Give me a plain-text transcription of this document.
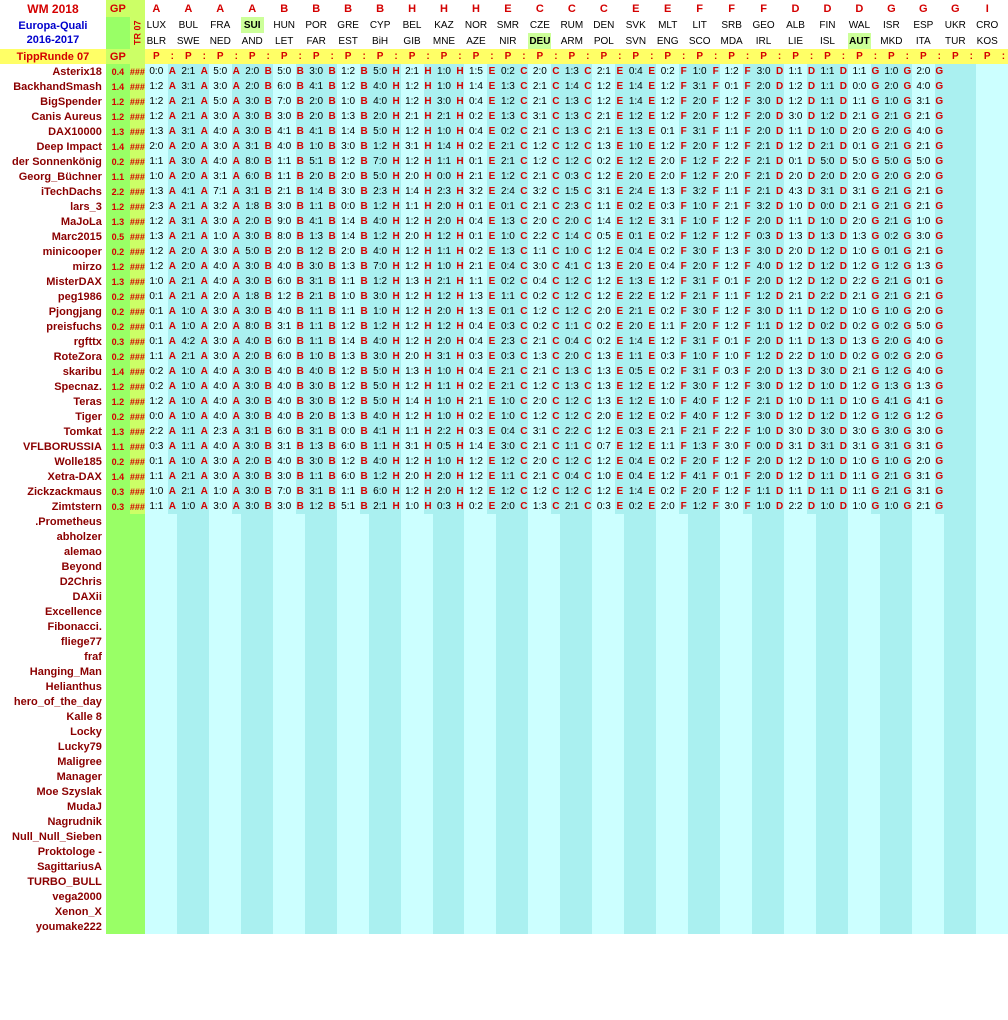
WM 2018	GP		A		A		A		A		B		B		B		B		H		H		H		E		C		C		C		E		E		F		F		F		D		D		D		G		G		G		I	

Europa-Quali
2016-2017		TR 07	LUX		BUL		FRA		SUI		HUN		POR		GRE		CYP		BEL		KAZ		NOR		SMR		CZE		RUM		DEN		SVK		MLT		LIT		SRB		GEO		ALB		FIN		WAL		ISR		ESP		UKR		CRO	
			BLR		SWE		NED		AND		LET		FAR		EST		BiH		GIB		MNE		AZE		NIR		DEU		ARM		POL		SVN		ENG		SCO		MDA		IRL		LIE		ISL		AUT		MKD		ITA		TUR		KOS	
TippRunde 07	GP		P	:	P	:	P	:	P	:	P	:	P	:	P	:	P	:	P	:	P	:	P	:	P	:	P	:	P	:	P	:	P	:	P	:	P	:	P	:	P	:	P	:	P	:	P	:	P	:	P	:	P	:	P	:
Asterix18	0.4	###	0:0	A	2:1	A	5:0	A	2:0	B	5:0	B	3:0	B	1:2	B	5:0	H	2:1	H	1:0	H	1:5	E	0:2	C	2:0	C	1:3	C	2:1	E	0:4	E	0:2	F	1:0	F	1:2	F	3:0	D	1:1	D	1:1	D	1:1	G	1:0	G	2:0	G				
BackhandSmash	1.4	###	1:2	A	3:1	A	3:0	A	2:0	B	6:0	B	4:1	B	1:2	B	4:0	H	1:2	H	1:0	H	1:4	E	1:3	C	2:1	C	1:4	C	1:2	E	1:4	E	1:2	F	3:1	F	0:1	F	2:0	D	1:2	D	1:1	D	0:0	G	2:0	G	4:0	G				
BigSpender	1.2	###	1:2	A	2:1	A	5:0	A	3:0	B	7:0	B	2:0	B	1:0	B	4:0	H	1:2	H	3:0	H	0:4	E	1:2	C	2:1	C	1:3	C	1:2	E	1:4	E	1:2	F	2:0	F	1:2	F	3:0	D	1:2	D	1:1	D	1:1	G	1:0	G	3:1	G				
Canis Aureus	1.2	###	1:2	A	2:1	A	3:0	A	3:0	B	3:0	B	2:0	B	1:3	B	2:0	H	2:1	H	2:1	H	0:2	E	1:3	C	3:1	C	1:3	C	2:1	E	1:2	E	1:2	F	2:0	F	1:2	F	2:0	D	3:0	D	1:2	D	2:1	G	2:1	G	2:1	G				
DAX10000	1.3	###	1:3	A	3:1	A	4:0	A	3:0	B	4:1	B	4:1	B	1:4	B	5:0	H	1:2	H	1:0	H	0:4	E	0:2	C	2:1	C	1:3	C	2:1	E	1:3	E	0:1	F	3:1	F	1:1	F	2:0	D	1:1	D	1:0	D	2:0	G	2:0	G	4:0	G				
Deep Impact	1.4	###	2:0	A	2:0	A	3:0	A	3:1	B	4:0	B	1:0	B	3:0	B	1:2	H	3:1	H	1:4	H	0:2	E	2:1	C	1:2	C	1:2	C	1:3	E	1:0	E	1:2	F	2:0	F	1:2	F	2:1	D	1:2	D	2:1	D	0:1	G	2:1	G	2:1	G				
der Sonnenkönig	0.2	###	1:1	A	3:0	A	4:0	A	8:0	B	1:1	B	5:1	B	1:2	B	7:0	H	1:2	H	1:1	H	0:1	E	2:1	C	1:2	C	1:2	C	0:2	E	1:2	E	2:0	F	1:2	F	2:2	F	2:1	D	0:1	D	5:0	D	5:0	G	5:0	G	5:0	G				
Georg_Büchner	1.1	###	1:0	A	2:0	A	3:1	A	6:0	B	1:1	B	2:0	B	2:0	B	5:0	H	2:0	H	0:0	H	2:1	E	1:2	C	2:1	C	0:3	C	1:2	E	2:0	E	2:0	F	1:2	F	2:0	F	2:1	D	2:0	D	2:0	D	2:0	G	2:0	G	2:0	G				
iTechDachs	2.2	###	1:3	A	4:1	A	7:1	A	3:1	B	2:1	B	1:4	B	3:0	B	2:3	H	1:4	H	2:3	H	3:2	E	2:4	C	3:2	C	1:5	C	3:1	E	2:4	E	1:3	F	3:2	F	1:1	F	2:1	D	4:3	D	3:1	D	3:1	G	2:1	G	2:1	G				
lars_3	1.2	###	2:3	A	2:1	A	3:2	A	1:8	B	3:0	B	1:1	B	0:0	B	1:2	H	1:1	H	2:0	H	0:1	E	0:1	C	2:1	C	2:3	C	1:1	E	0:2	E	0:3	F	1:0	F	2:1	F	3:2	D	1:0	D	0:0	D	2:1	G	2:1	G	2:1	G				
MaJoLa	1.3	###	1:2	A	3:1	A	3:0	A	2:0	B	9:0	B	4:1	B	1:4	B	4:0	H	1:2	H	2:0	H	0:4	E	1:3	C	2:0	C	2:0	C	1:4	E	1:2	E	3:1	F	1:0	F	1:2	F	2:0	D	1:1	D	1:0	D	2:0	G	2:1	G	1:0	G				
Marc2015	0.5	###	1:3	A	2:1	A	1:0	A	3:0	B	8:0	B	1:3	B	1:4	B	1:2	H	2:0	H	1:2	H	0:1	E	1:0	C	2:2	C	1:4	C	0:5	E	0:1	E	0:2	F	1:2	F	1:2	F	0:3	D	1:3	D	1:3	D	1:3	G	0:2	G	3:0	G				
minicooper	0.2	###	1:2	A	2:0	A	3:0	A	5:0	B	2:0	B	1:2	B	2:0	B	4:0	H	1:2	H	1:1	H	0:2	E	1:3	C	1:1	C	1:0	C	1:2	E	0:4	E	0:2	F	3:0	F	1:3	F	3:0	D	2:0	D	1:2	D	1:0	G	0:1	G	2:1	G				
mirzo	1.2	###	1:2	A	2:0	A	4:0	A	3:0	B	4:0	B	3:0	B	1:3	B	7:0	H	1:2	H	1:0	H	2:1	E	0:4	C	3:0	C	4:1	C	1:3	E	2:0	E	0:4	F	2:0	F	1:2	F	4:0	D	1:2	D	1:2	D	1:2	G	1:2	G	1:3	G				
MisterDAX	1.3	###	1:0	A	2:1	A	4:0	A	3:0	B	6:0	B	3:1	B	1:1	B	1:2	H	1:3	H	2:1	H	1:1	E	0:2	C	0:4	C	1:2	C	1:2	E	1:3	E	1:2	F	3:1	F	0:1	F	2:0	D	1:2	D	1:2	D	2:2	G	2:1	G	0:1	G				
peg1986	0.2	###	0:1	A	2:1	A	2:0	A	1:8	B	1:2	B	2:1	B	1:0	B	3:0	H	1:2	H	1:2	H	1:3	E	1:1	C	0:2	C	1:2	C	1:2	E	2:2	E	1:2	F	2:1	F	1:1	F	1:2	D	2:1	D	2:2	D	2:1	G	2:1	G	2:1	G				
Pjongjang	0.2	###	0:1	A	1:0	A	3:0	A	3:0	B	4:0	B	1:1	B	1:1	B	1:0	H	1:2	H	2:0	H	1:3	E	0:1	C	1:2	C	1:2	C	2:0	E	2:1	E	0:2	F	3:0	F	1:2	F	3:0	D	1:1	D	1:2	D	1:0	G	1:0	G	2:0	G				
preisfuchs	0.2	###	0:1	A	1:0	A	2:0	A	8:0	B	3:1	B	1:1	B	1:2	B	1:2	H	1:2	H	1:2	H	0:4	E	0:3	C	0:2	C	1:1	C	0:2	E	2:0	E	1:1	F	2:0	F	1:2	F	1:1	D	1:2	D	0:2	D	0:2	G	0:2	G	5:0	G				
rgfttx	0.3	###	0:1	A	4:2	A	3:0	A	4:0	B	6:0	B	1:1	B	1:4	B	4:0	H	1:2	H	2:0	H	0:4	E	2:3	C	2:1	C	0:4	C	0:2	E	1:4	E	1:2	F	3:1	F	0:1	F	2:0	D	1:1	D	1:3	D	1:3	G	2:0	G	4:0	G				
RoteZora	0.2	###	1:1	A	2:1	A	3:0	A	2:0	B	6:0	B	1:0	B	1:3	B	3:0	H	2:0	H	3:1	H	0:3	E	0:3	C	1:3	C	2:0	C	1:3	E	1:1	E	0:3	F	1:0	F	1:0	F	1:2	D	2:2	D	1:0	D	0:2	G	0:2	G	2:0	G				
skaribu	1.4	###	0:2	A	1:0	A	4:0	A	3:0	B	4:0	B	4:0	B	1:2	B	5:0	H	1:3	H	1:0	H	0:4	E	2:1	C	2:1	C	1:3	C	1:3	E	0:5	E	0:2	F	3:1	F	0:3	F	2:0	D	1:3	D	3:0	D	2:1	G	1:2	G	4:0	G				
Specnaz.	1.2	###	0:2	A	1:0	A	4:0	A	3:0	B	4:0	B	3:0	B	1:2	B	5:0	H	1:2	H	1:1	H	0:2	E	2:1	C	1:2	C	1:3	C	1:3	E	1:2	E	1:2	F	3:0	F	1:2	F	3:0	D	1:2	D	1:0	D	1:2	G	1:3	G	1:3	G				
Teras	1.2	###	1:2	A	1:0	A	4:0	A	3:0	B	4:0	B	3:0	B	1:2	B	5:0	H	1:4	H	1:0	H	2:1	E	1:0	C	2:0	C	1:2	C	1:3	E	1:2	E	1:0	F	4:0	F	1:2	F	2:1	D	1:0	D	1:1	D	1:0	G	4:1	G	4:1	G				
Tiger	0.2	###	0:0	A	1:0	A	4:0	A	3:0	B	4:0	B	2:0	B	1:3	B	4:0	H	1:2	H	1:0	H	0:2	E	1:0	C	1:2	C	1:2	C	2:0	E	1:2	E	0:2	F	4:0	F	1:2	F	3:0	D	1:2	D	1:2	D	1:2	G	1:2	G	1:2	G				
Tomkat	1.3	###	2:2	A	1:1	A	2:3	A	3:1	B	6:0	B	3:1	B	0:0	B	4:1	H	1:1	H	2:2	H	0:3	E	0:4	C	3:1	C	2:2	C	1:2	E	0:3	E	2:1	F	2:1	F	2:2	F	1:0	D	3:0	D	3:0	D	3:0	G	3:0	G	3:0	G				
VFLBORUSSIA	1.1	###	0:3	A	1:1	A	4:0	A	3:0	B	3:1	B	1:3	B	6:0	B	1:1	H	3:1	H	0:5	H	1:4	E	3:0	C	2:1	C	1:1	C	0:7	E	1:2	E	1:1	F	1:3	F	3:0	F	0:0	D	3:1	D	3:1	D	3:1	G	3:1	G	3:1	G				
Wolle185	0.2	###	0:1	A	1:0	A	3:0	A	2:0	B	4:0	B	3:0	B	1:2	B	4:0	H	1:2	H	1:0	H	1:2	E	1:2	C	2:0	C	1:2	C	1:2	E	0:4	E	0:2	F	2:0	F	1:2	F	2:0	D	1:2	D	1:0	D	1:0	G	1:0	G	2:0	G				
Xetra-DAX	1.4	###	1:1	A	2:1	A	3:0	A	3:0	B	3:0	B	1:1	B	6:0	B	1:2	H	2:0	H	2:0	H	1:2	E	1:1	C	2:1	C	0:4	C	1:0	E	0:4	E	1:2	F	4:1	F	0:1	F	2:0	D	1:2	D	1:1	D	1:1	G	2:1	G	3:1	G				
Zickzackmaus	0.3	###	1:0	A	2:1	A	1:0	A	3:0	B	7:0	B	3:1	B	1:1	B	6:0	H	1:2	H	2:0	H	1:2	E	1:2	C	1:2	C	1:2	C	1:2	E	1:4	E	0:2	F	2:0	F	1:2	F	1:1	D	1:1	D	1:1	D	1:1	G	2:1	G	3:1	G				
Zimtstern	0.3	###	1:1	A	1:0	A	3:0	A	3:0	B	3:0	B	1:2	B	5:1	B	2:1	H	1:0	H	0:3	H	0:2	E	2:0	C	1:3	C	2:1	C	0:3	E	0:2	E	2:0	F	1:2	F	3:0	F	1:0	D	2:2	D	1:0	D	1:0	G	1:0	G	2:1	G				
.Prometheus																																																								
abholzer																																																								
alemao																																																								
Beyond																																																								
D2Chris																																																								
DAXii																																																								
Excellence																																																								
Fibonacci.																																																								
fliege77																																																								
fraf																																																								
Hanging_Man																																																								
Helianthus																																																								
hero_of_the_day																																																								
Kalle 8																																																								
Locky																																																								
Lucky79																																																								
Maligree																																																								
Manager																																																								
Moe Szyslak																																																								
MudaJ																																																								
Nagrudnik																																																								
Null_Null_Sieben																																																								
Proktologe -																																																								
SagittariusA																																																								
TURBO_BULL																																																								
vega2000																																																								
Xenon_X																																																								
youmake222																																																								
